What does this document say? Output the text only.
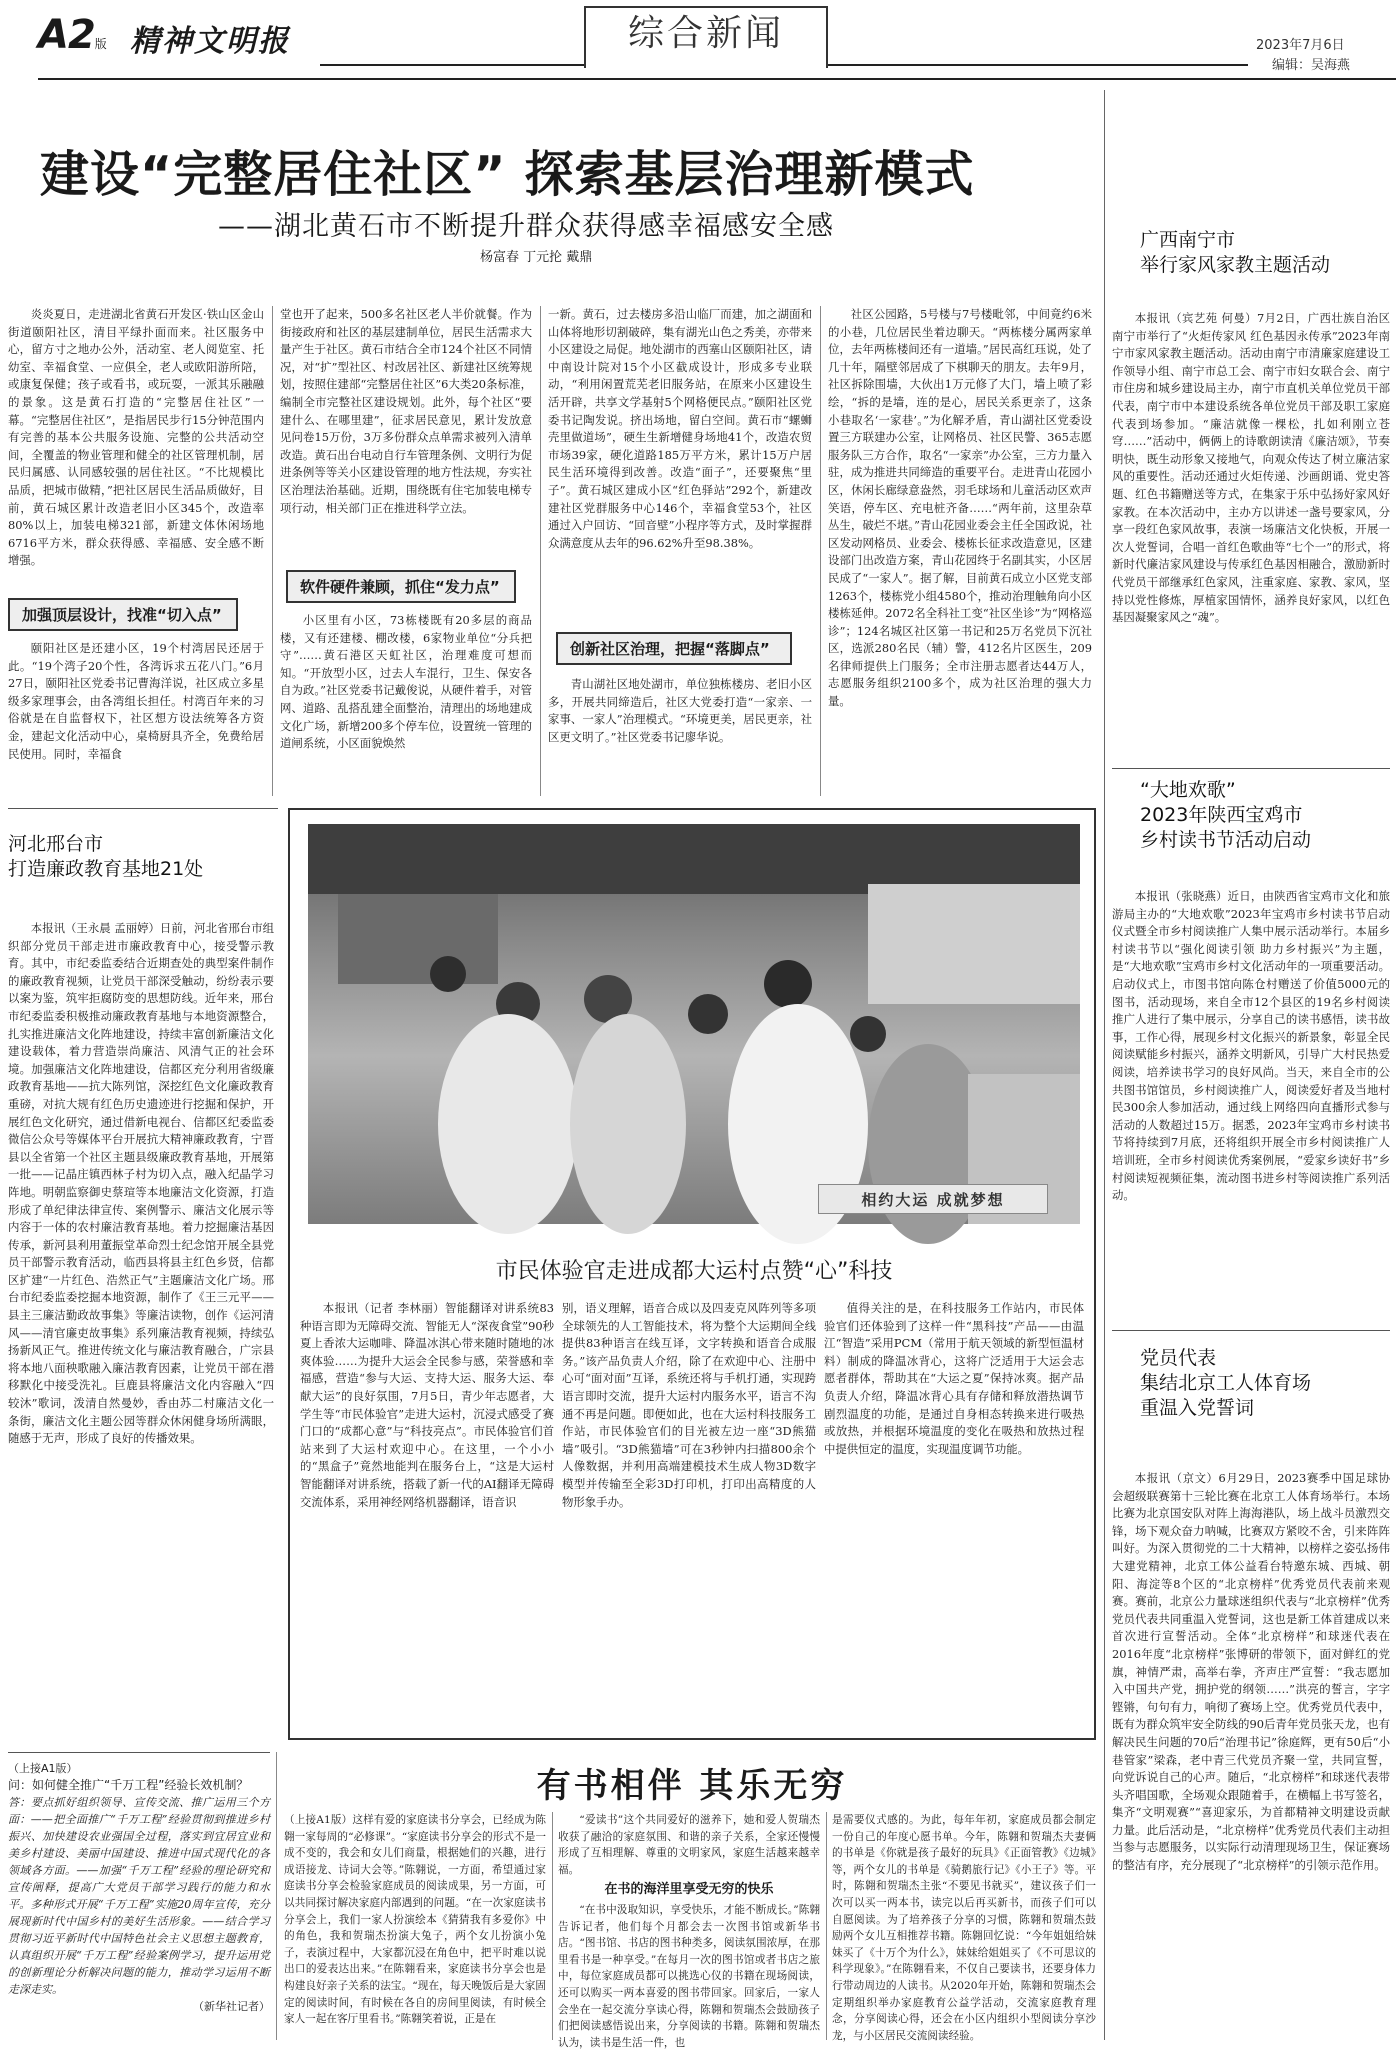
A2版 精神文明报	综合新闻	2023年7月6日
编辑：吴海燕
建设“完整居住社区” 探索基层治理新模式
——湖北黄石市不断提升群众获得感幸福感安全感
杨富春 丁元抡 戴鼎

炎炎夏日，走进湖北省黄石开发区·铁山区金山街道颐阳社区，清目平绿扑面而来。社区服务中心，留方寸之地办公外，活动室、老人阅览室、托幼室、幸福食堂、一应俱全，老人或欧阳游所陪，或康复保健；孩子或看书，或玩耍，一派其乐融融的景象。这是黄石打造的“完整居住社区”一幕。“完整居住社区”，是指居民步行15分钟范围内有完善的基本公共服务设施、完整的公共活动空间，全覆盖的物业管理和健全的社区管理机制，居民归属感、认同感较强的居住社区。“不比规模比品质，把城市做精，”把社区居民生活品质做好，目前，黄石城区累计改造老旧小区345个，改造率80%以上，加装电梯321部，新建文体休闲场地6716平方米，群众获得感、幸福感、安全感不断增强。

加强顶层设计，找准“切入点”

颐阳社区是还建小区，19个村湾居民还居于此。“19个湾子20个性，各湾诉求五花八门。”6月27日，颐阳社区党委书记曹海洋说，社区成立多星级多家理事会，由各湾组长担任。村湾百年来的习俗就是在自监督权下，社区想方设法统筹各方资金，建起文化活动中心，桌椅厨具齐全，免费给居民使用。同时，幸福食

堂也开了起来，500多名社区老人半价就餐。作为街接政府和社区的基层建制单位，居民生活需求大量产生于社区。黄石市结合全市124个社区不同情况，对“扩”型社区、村改居社区、新建社区统筹规划，按照住建部“完整居住社区”6大类20条标准，编制全市完整社区建设规划。此外，每个社区“要建什么、在哪里建”，征求居民意见，累计发放意见问卷15万份，3万多份群众点单需求被列入清单改造。黄石出台电动自行车管理条例、文明行为促进条例等等关小区建设管理的地方性法规，夯实社区治理法治基础。近期，围绕既有住宅加装电梯专项行动，相关部门正在推进科学立法。

软件硬件兼顾，抓住“发力点”

小区里有小区，73栋楼既有20多层的商品楼，又有还建楼、棚改楼，6家物业单位“分兵把守”……黄石港区天虹社区，治理难度可想而知。“开放型小区，过去人车混行，卫生、保安各自为政。”社区党委书记戴俊说，从硬件着手，对管网、道路、乱搭乱建全面整治，清理出的场地建成文化广场，新增200多个停车位，设置统一管理的道闸系统，小区面貌焕然

一新。黄石，过去楼房多沿山临厂而建，加之湖面和山体将地形切割破碎，集有湖光山色之秀美，亦带来小区建设之局促。地处湖市的西塞山区颐阳社区，请中南设计院对15个小区截成设计，形成多专业联动，“利用闲置荒芜老旧服务站，在原来小区建设生活开辟，共享文学基射5个网格便民点。”颐阳社区党委书记陶发说。挤出场地，留白空间。黄石市“螺蛳壳里做道场”，硬生生新增健身场地41个，改造农贸市场39家，硬化道路185万平方米，累计15万户居民生活环境得到改善。改造“面子”，还要聚焦“里子”。黄石城区建成小区“红色驿站”292个，新建改建社区党群服务中心146个，幸福食堂53个，社区通过入户回访、“回音壁”小程序等方式，及时掌握群众满意度从去年的96.62%升至98.38%。

创新社区治理，把握“落脚点”

青山湖社区地处湖市，单位独栋楼房、老旧小区多，开展共同缔造后，社区大党委打造“一家亲、一家事、一家人”治理模式。“环境更美，居民更亲，社区更文明了。”社区党委书记廖华说。

社区公园路，5号楼与7号楼毗邻，中间竟约6米的小巷，几位居民坐着边聊天。“两栋楼分属两家单位，去年两栋楼间还有一道墙。”居民高红珏说，处了几十年，隔壁邻居成了下棋聊天的朋友。去年9月，社区拆除围墙，大伙出1万元修了大门，墙上喷了彩绘，“拆的是墙，连的是心，居民关系更亲了，这条小巷取名‘一家巷’。”为化解矛盾，青山湖社区党委设置三方联建办公室，让网格员、社区民警、365志愿服务队三方合作，取名“一家亲”办公室，三方力量入驻，成为推进共同缔造的重要平台。走进青山花园小区，休闲长廊绿意盎然，羽毛球场和儿童活动区欢声笑语，停车区、充电桩齐备……“两年前，这里杂草丛生，破烂不堪。”青山花园业委会主任全国政说，社区发动网格员、业委会、楼栋长征求改造意见，区建设部门出改造方案，青山花园终于名副其实，小区居民成了“一家人”。据了解，目前黄石成立小区党支部1263个，楼栋党小组4580个，推动治理触角向小区楼栋延伸。2072名全科社工变“社区坐诊”为“网格巡诊”；124名城区社区第一书记和25万名党员下沉社区，选派280名民（辅）警，412名片区医生，209名律师提供上门服务；全市注册志愿者达44万人，志愿服务组织2100多个，成为社区治理的强大力量。

河北邢台市
打造廉政教育基地21处

本报讯（王永晨 孟丽婷）日前，河北省邢台市组织部分党员干部走进市廉政教育中心，接受警示教育。其中，市纪委监委结合近期查处的典型案件制作的廉政教育视频，让党员干部深受触动，纷纷表示要以案为鉴，筑牢拒腐防变的思想防线。近年来，邢台市纪委监委积极推动廉政教育基地与本地资源整合，扎实推进廉洁文化阵地建设，持续丰富创新廉洁文化建设载体，着力营造崇尚廉洁、风清气正的社会环境。加强廉洁文化阵地建设，信都区充分利用省级廉政教育基地——抗大陈列馆，深挖红色文化廉政教育重磅，对抗大规有红色历史遗迹进行挖掘和保护，开展红色文化研究，通过借新电视台、信都区纪委监委微信公众号等媒体平台开展抗大精神廉政教育，宁晋县以全省第一个社区主题县级廉政教育基地，开展第一批——记晶庄镇西林子村为切入点，融入纪晶学习阵地。明朝监察御史蔡瑄等本地廉洁文化资源，打造形成了单纪律法律宣传、案例警示、廉洁文化展示等内容于一体的农村廉洁教育基地。着力挖掘廉洁基因传承，新河县利用董振堂革命烈士纪念馆开展全县党员干部警示教育活动，临西县将县主红色乡贤，信都区扩建“一片红色、浩然正气”主题廉洁文化广场。邢台市纪委监委挖掘本地资源，制作了《王三元平——县主三廉洁勤政故事集》等廉洁读物，创作《运河清风——清官廉吏故事集》系列廉洁教育视频，持续弘扬新风正气。推进传统文化与廉洁教育融合，广宗县将本地八面秧歌融入廉洁教育因素，让党员干部在潜移默化中接受洗礼。巨鹿县将廉洁文化内容融入“四较沐”歌词，泼清自然曼妙，香由苏二村廉洁文化一条街，廉洁文化主题公园等群众休闲健身场所满眼，随感于无声，形成了良好的传播效果。

相约大运 成就梦想
市民体验官走进成都大运村点赞“心”科技

本报讯（记者 李林丽）智能翻译对讲系统83种语言即为无障碍交流、智能无人“深夜食堂”90秒夏上香浓大运咖啡、降温冰淇心带来随时随地的冰爽体验……为提升大运会全民参与感，荣誉感和幸福感，营造“参与大运、支持大运、服务大运、奉献大运”的良好氛围，7月5日，青少年志愿者，大学生等“市民体验官”走进大运村，沉浸式感受了赛门口的“成都心意”与“科技亮点”。市民体验官们首站来到了大运村欢迎中心。在这里，一个小小的“黑盒子”竟然地能判在服务台上，“这是大运村智能翻译对讲系统，搭载了新一代的AI翻译无障碍交流体系，采用神经网络机器翻译，语音识

别，语义理解，语音合成以及四麦克风阵列等多项全球领先的人工智能技术，将为整个大运期间全线提供83种语言在线互译，文字转换和语音合成服务。”该产品负责人介绍，除了在欢迎中心、注册中心可“面对面”互译，系统还将与手机打通，实现跨语言即时交流，提升大运村内服务水平，语言不沟通不再是问题。即便如此，也在大运村科技服务工作站，市民体验官们的目光被左边一座“3D熊猫墙”吸引。“3D熊猫墙”可在3秒钟内扫描800余个人像数据，并利用高端建模技术生成人物3D数字模型并传输至全彩3D打印机，打印出高精度的人物形象手办。

值得关注的是，在科技服务工作站内，市民体验官们还体验到了这样一件“黑科技”产品——由温江“智造”采用PCM（常用于航天领域的新型恒温材料）制成的降温冰背心，这将广泛适用于大运会志愿者群体，帮助其在“大运之夏”保持冰爽。据产品负责人介绍，降温冰背心具有存储和释放潜热调节剧烈温度的功能，是通过自身相态转换来进行吸热或放热，并根据环境温度的变化在吸热和放热过程中提供恒定的温度，实现温度调节功能。

（上接A1版）
问：如何健全推广“千万工程”经验长效机制？
答：要点抓好组织领导、宣传交流、推广运用三个方面：——把全面推广“千万工程”经验贯彻到推进乡村振兴、加快建设农业强国全过程，落实到宜居宜业和美乡村建设、美丽中国建设、推进中国式现代化的各领域各方面。——加强“千万工程”经验的理论研究和宣传阐释，提高广大党员干部学习践行的能力和水平。多种形式开展“千万工程”实施20周年宣传，充分展现新时代中国乡村的美好生活形象。——结合学习贯彻习近平新时代中国特色社会主义思想主题教育，认真组织开展“千万工程”经验案例学习，提升运用党的创新理论分析解决问题的能力，推动学习运用不断走深走实。
（新华社记者）
有书相伴 其乐无穷

（上接A1版）这样有爱的家庭读书分享会，已经成为陈翱一家每周的“必修课”。“家庭读书分享会的形式不是一成不变的，我会和女儿们商量，根据她们的兴趣，进行成语接龙、诗词大会等。”陈翱说，一方面，希望通过家庭读书分享会检验家庭成员的阅读成果，另一方面，可以共同探讨解决家庭内部遇到的问题。“在一次家庭读书分享会上，我们一家人扮演绘本《猜猜我有多爱你》中的角色，我和贺瑞杰扮演大兔子，两个女儿扮演小兔子，表演过程中，大家都沉浸在角色中，把平时难以说出口的爱表达出来。”在陈翱看来，家庭读书分享会也是构建良好亲子关系的法宝。“现在，每天晚饭后是大家固定的阅读时间，有时候在各自的房间里阅读，有时候全家人一起在客厅里看书。”陈翱笑着说，正是在

“爱读书”这个共同爱好的滋养下，她和爱人贺瑞杰收获了融洽的家庭氛围、和谐的亲子关系，全家还慢慢形成了互相理解、尊重的文明家风，家庭生活越来越幸福。

在书的海洋里享受无穷的快乐

“在书中汲取知识，享受快乐，才能不断成长。”陈翱告诉记者，他们每个月都会去一次图书馆或新华书店。“图书馆、书店的图书种类多，阅读氛围浓厚，在那里看书是一种享受。”在每月一次的图书馆或者书店之旅中，每位家庭成员都可以挑选心仪的书籍在现场阅读，还可以购买一两本喜爱的图书带回家。回家后，一家人会坐在一起交流分享读心得，陈翱和贺瑞杰会鼓励孩子们把阅读感悟说出来，分享阅读的书籍。陈翱和贺瑞杰认为，读书是生活一件，也

是需要仪式感的。为此，每年年初，家庭成员都会制定一份自己的年度心愿书单。今年，陈翱和贺瑞杰夫妻俩的书单是《你就是孩子最好的玩具》《正面管教》《边城》等，两个女儿的书单是《骑鹅旅行记》《小王子》等。平时，陈翱和贺瑞杰主张“不要见书就买”，建议孩子们一次可以买一两本书，读完以后再买新书，而孩子们可以自愿阅读。为了培养孩子分享的习惯，陈翱和贺瑞杰鼓励两个女儿互相推荐书籍。陈翱回忆说：“今年姐姐给妹妹买了《十万个为什么》，妹妹给姐姐买了《不可思议的科学现象》。”在陈翱看来，不仅自己要读书，还要身体力行带动周边的人读书。从2020年开始，陈翱和贺瑞杰会定期组织举办家庭教育公益学活动，交流家庭教育理念，分享阅读心得，还会在小区内组织小型阅读分享沙龙，与小区居民交流阅读经验。

广西南宁市
举行家风家教主题活动

本报讯（宾艺苑 何曼）7月2日，广西壮族自治区南宁市举行了“火炬传家风 红色基因永传承”2023年南宁市家风家教主题活动。活动由南宁市清廉家庭建设工作领导小组、南宁市总工会、南宁市妇女联合会、南宁市住房和城乡建设局主办，南宁市直机关单位党员干部代表，南宁市中本建设系统各单位党员干部及职工家庭代表到场参加。“廉洁就像一棵松，扎如利刚立苍穹……”活动中，俩俩上的诗歌朗读清《廉洁颂》，节奏明快，既生动形象又接地气，向观众传达了树立廉洁家风的重要性。活动还通过火炬传递、沙画朗诵、党史答题、红色书籍赠送等方式，在集家于乐中弘扬好家风好家教。在本次活动中，主办方以讲述一盏号要家风，分享一段红色家风故事，表演一场廉洁文化快板，开展一次人党誓词，合唱一首红色歌曲等“七个一”的形式，将新时代廉洁家风建设与传承红色基因相融合，激励新时代党员干部继承红色家风，注重家庭、家教、家风，坚持以党性修炼，厚植家国情怀，涵养良好家风，以红色基因凝聚家风之“魂”。

“大地欢歌”
2023年陕西宝鸡市
乡村读书节活动启动

本报讯（张晓燕）近日，由陕西省宝鸡市文化和旅游局主办的“大地欢歌”2023年宝鸡市乡村读书节启动仪式暨全市乡村阅读推广人集中展示活动举行。本届乡村读书节以“强化阅读引领 助力乡村振兴”为主题，是“大地欢歌”宝鸡市乡村文化活动年的一项重要活动。启动仪式上，市图书馆向陈仓村赠送了价值5000元的图书，活动现场，来自全市12个县区的19名乡村阅读推广人进行了集中展示，分享自己的读书感悟，读书故事，工作心得，展现乡村文化振兴的新景象，彰显全民阅读赋能乡村振兴，涵养文明新风，引导广大村民热爱阅读，培养读书学习的良好风尚。当天，来自全市的公共图书馆馆员，乡村阅读推广人，阅读爱好者及当地村民300余人参加活动，通过线上网络四向直播形式参与活动的人数超过15万。据悉，2023年宝鸡市乡村读书节将持续到7月底，还将组织开展全市乡村阅读推广人培训班，全市乡村阅读优秀案例展，“爱家乡读好书”乡村阅读短视频征集，流动图书进乡村等阅读推广系列活动。

党员代表
集结北京工人体育场
重温入党誓词

本报讯（京文）6月29日，2023赛季中国足球协会超级联赛第十三轮比赛在北京工人体育场举行。本场比赛为北京国安队对阵上海海港队，场上战斗员激烈交锋，场下观众奋力呐喊，比赛双方紧咬不舍，引来阵阵叫好。为深入贯彻党的二十大精神，以榜样之姿弘扬伟大建党精神，北京工体公益看台特邀东城、西城、朝阳、海淀等8个区的“北京榜样”优秀党员代表前来观赛。赛前，北京公力量球迷组织代表与“北京榜样”优秀党员代表共同重温入党誓词，这也是新工体首建成以来首次进行宣誓活动。全体“北京榜样”和球迷代表在2016年度“北京榜样”张博研的带领下，面对鲜红的党旗，神情严肃，高举右拳，齐声庄严宣誓：“我志愿加入中国共产党，拥护党的纲领……”洪亮的誓言，字字铿锵，句句有力，响彻了赛场上空。优秀党员代表中，既有为群众筑牢安全防线的90后青年党员张天龙，也有解决民生问题的70后“治理书记”徐庭辉，更有50后“小巷管家”梁森，老中青三代党员齐聚一堂，共同宣誓，向党诉说自己的心声。随后，“北京榜样”和球迷代表带头齐唱国歌，全场观众跟随着手，在横幅上书写签名，集齐“文明观赛”“喜迎家乐，为首都精神文明建设贡献力量。此后活动是，“北京榜样”优秀党员代表们主动担当参与志愿服务，以实际行动清理现场卫生，保证赛场的整洁有序，充分展现了“北京榜样”的引领示范作用。
